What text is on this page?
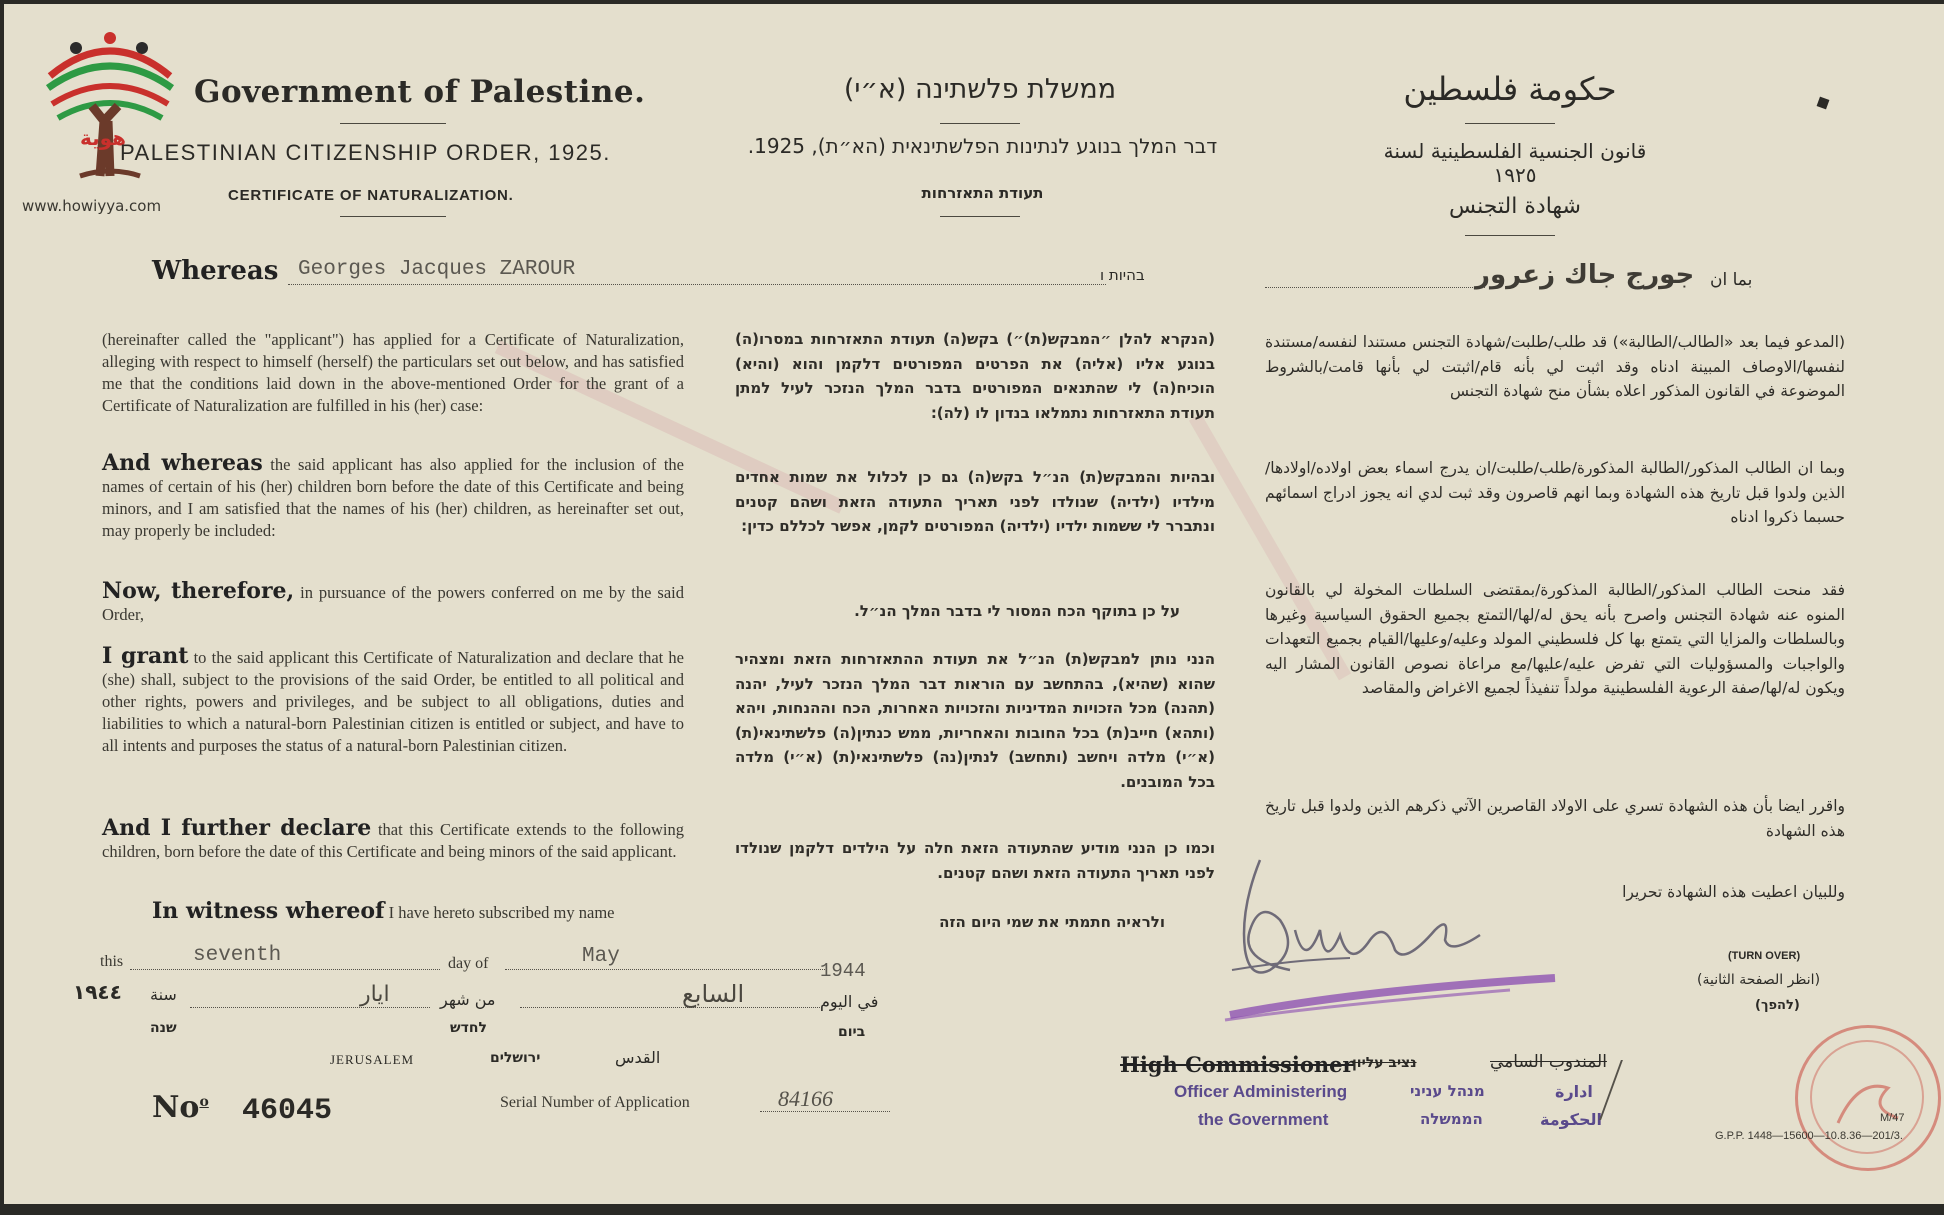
هوية
www.howiyya.com
Government of Palestine.
PALESTINIAN CITIZENSHIP ORDER, 1925.
CERTIFICATE OF NATURALIZATION.
ממשלת פלשתינה (א״י)
דבר המלך בנוגע לנתינות הפלשתינאית (הא״ת), 1925.
תעודת התאזרחות
حكومة فلسطين
قانون الجنسية الفلسطينية لسنة ١٩٢٥
شهادة التجنس
Whereas Georges Jacques ZAROUR	בהיות ו	جورج جاك زعرور بما ان
(hereinafter called the "applicant") has applied for a Certificate of Naturalization, alleging with respect to himself (herself) the particulars set out below, and has satisfied me that the conditions laid down in the above-mentioned Order for the grant of a Certificate of Naturalization are fulfilled in his (her) case:
And whereas the said applicant has also applied for the inclusion of the names of certain of his (her) children born before the date of this Certificate and being minors, and I am satisfied that the names of his (her) children, as hereinafter set out, may properly be included:
Now, therefore, in pursuance of the powers conferred on me by the said Order,
I grant to the said applicant this Certificate of Naturalization and declare that he (she) shall, subject to the provisions of the said Order, be entitled to all political and other rights, powers and privileges, and be subject to all obligations, duties and liabilities to which a natural-born Palestinian citizen is entitled or subject, and have to all intents and purposes the status of a natural-born Palestinian citizen.
And I further declare that this Certificate extends to the following children, born before the date of this Certificate and being minors of the said applicant.
In witness whereof I have hereto subscribed my name
(הנקרא להלן ״המבקש(ת)״) בקש(ה) תעודת התאזרחות במסרו(ה) בנוגע אליו (אליה) את הפרטים המפורטים דלקמן והוא (והיא) הוכיח(ה) לי שהתנאים המפורטים בדבר המלך הנזכר לעיל למתן תעודת התאזרחות נתמלאו בנדון לו (לה):
ובהיות והמבקש(ת) הנ״ל בקש(ה) גם כן לכלול את שמות אחדים מילדיו (ילדיה) שנולדו לפני תאריך התעודה הזאת ושהם קטנים ונתברר לי ששמות ילדיו (ילדיה) המפורטים לקמן, אפשר לכללם כדין:
על כן בתוקף הכח המסור לי בדבר המלך הנ״ל.
הנני נותן למבקש(ת) הנ״ל את תעודת ההתאזרחות הזאת ומצהיר שהוא (שהיא), בהתחשב עם הוראות דבר המלך הנזכר לעיל, יהנה (תהנה) מכל הזכויות המדיניות והזכויות האחרות, הכח וההנחות, ויהא (ותהא) חייב(ת) בכל החובות והאחריות, ממש כנתין(ה) פלשתינאי(ת) (א״י) מלדה ויחשב (ותחשב) לנתין(נה) פלשתינאי(ת) (א״י) מלדה בכל המובנים.
וכמו כן הנני מודיע שהתעודה הזאת חלה על הילדים דלקמן שנולדו לפני תאריך התעודה הזאת ושהם קטנים.
ולראיה חתמתי את שמי היום הזה
(المدعو فيما بعد «الطالب/الطالبة») قد طلب/طلبت/شهادة التجنس مستندا لنفسه/مستندة لنفسها/الاوصاف المبينة ادناه وقد اثبت لي بأنه قام/اثبتت لي بأنها قامت/بالشروط الموضوعة في القانون المذكور اعلاه بشأن منح شهادة التجنس
وبما ان الطالب المذكور/الطالبة المذكورة/طلب/طلبت/ان يدرج اسماء بعض اولاده/اولادها/الذين ولدوا قبل تاريخ هذه الشهادة وبما انهم قاصرون وقد ثبت لدي انه يجوز ادراج اسمائهم حسبما ذكروا ادناه
فقد منحت الطالب المذكور/الطالبة المذكورة/بمقتضى السلطات المخولة لي بالقانون المنوه عنه شهادة التجنس واصرح بأنه يحق له/لها/التمتع بجميع الحقوق السياسية وغيرها وبالسلطات والمزايا التي يتمتع بها كل فلسطيني المولد وعليه/وعليها/القيام بجميع التعهدات والواجبات والمسؤوليات التي تفرض عليه/عليها/مع مراعاة نصوص القانون المشار اليه ويكون له/لها/صفة الرعوية الفلسطينية مولداً تنفيذاً لجميع الاغراض والمقاصد
واقرر ايضا بأن هذه الشهادة تسري على الاولاد القاصرين الآتي ذكرهم الذين ولدوا قبل تاريخ هذه الشهادة
وللبيان اعطيت هذه الشهادة تحريرا
this	seventh	day of	May
1944
١٩٤٤ سنة
שנה
ايار	من شهر
לחדש
السابع	في اليوم
ביום
JERUSALEM	ירושלים	القدس
No$^o$ 46045	Serial Number of Application	84166
(TURN OVER)
(انظر الصفحة الثانية)
(להפך)
High Commissioner
נציב עליון	المندوب السامي
Officer Administering
the Government
מנהל עניני
הממשלה
ادارة
الحكومة	M/47
G.P.P. 1448—15600—10.8.36—201/3.
